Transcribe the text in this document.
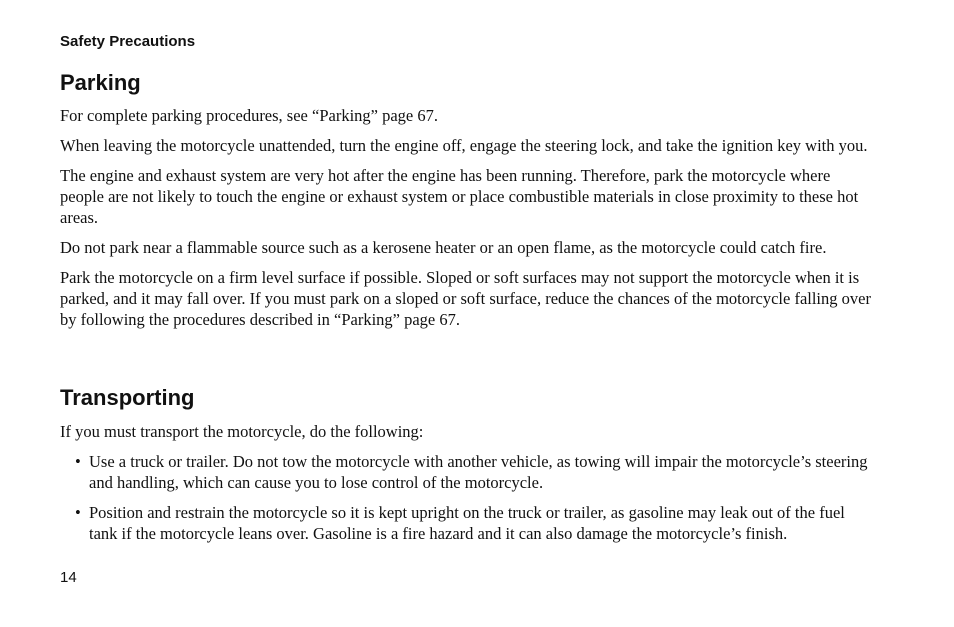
Safety Precautions
Parking

For complete parking procedures, see “Parking” page 67.

When leaving the motorcycle unattended, turn the engine off, engage the steering lock, and take the ignition key with you.

The engine and exhaust system are very hot after the engine has been running. Therefore, park the motorcycle where people are not likely to touch the engine or exhaust system or place combustible materials in close proximity to these hot areas.

Do not park near a flammable source such as a kerosene heater or an open flame, as the motorcycle could catch fire.

Park the motorcycle on a firm level surface if possible. Sloped or soft surfaces may not support the motorcycle when it is parked, and it may fall over. If you must park on a sloped or soft surface, reduce the chances of the motorcycle falling over by following the procedures described in “Parking” page 67.

Transporting

If you must transport the motorcycle, do the following:

• Use a truck or trailer. Do not tow the motorcycle with another vehicle, as towing will impair the motorcycle’s steering and handling, which can cause you to lose control of the motorcycle.
• Position and restrain the motorcycle so it is kept upright on the truck or trailer, as gasoline may leak out of the fuel tank if the motorcycle leans over. Gasoline is a fire hazard and it can also damage the motorcycle’s finish.
14
